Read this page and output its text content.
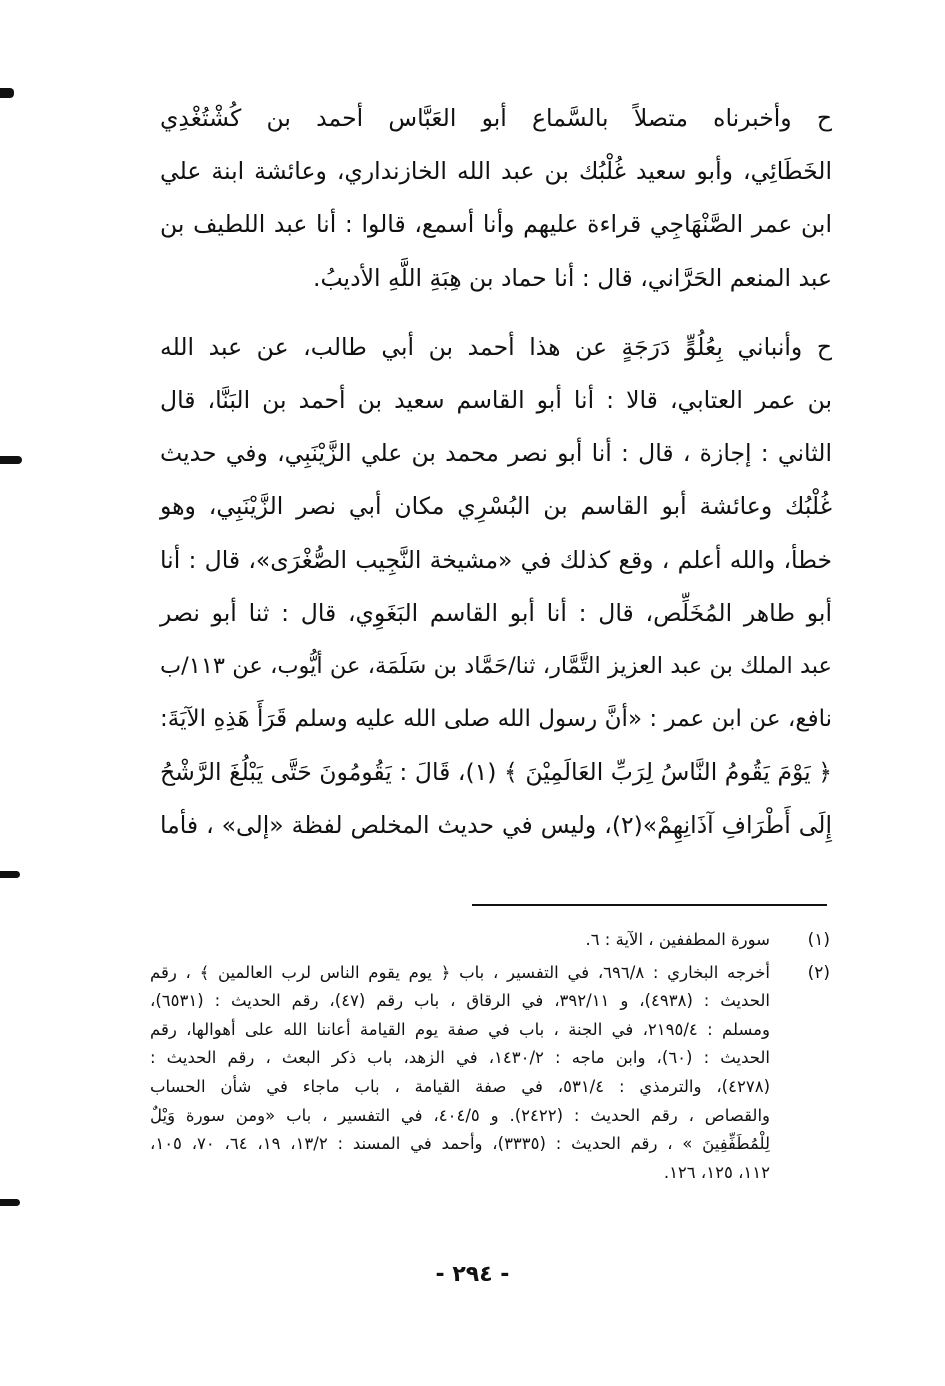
ح وأخبرناه متصلاً بالسَّماع أبو العَبَّاس أحمد بن كُشْتُغْدِي
الخَطَائِي، وأبو سعيد غُلْبُك بن عبد الله الخازنداري، وعائشة ابنة علي
ابن عمر الصَّنْهَاجِي قراءة عليهم وأنا أسمع، قالوا : أنا عبد اللطيف بن
عبد المنعم الحَرَّاني، قال : أنا حماد بن هِبَةِ اللَّهِ الأديبُ.
ح وأنباني بِعُلُوٍّ دَرَجَةٍ عن هذا أحمد بن أبي طالب، عن عبد الله
بن عمر العتابي، قالا : أنا أبو القاسم سعيد بن أحمد بن البَنَّا، قال
الثاني : إجازة ، قال : أنا أبو نصر محمد بن علي الزَّيْنَبِي، وفي حديث
غُلْبُك وعائشة أبو القاسم بن البُسْرِي مكان أبي نصر الزَّيْنَبِي، وهو
خطأ، والله أعلم ، وقع كذلك في «مشيخة النَّجِيب الصُّغْرَى»، قال : أنا
أبو طاهر المُخَلِّص، قال : أنا أبو القاسم البَغَوِي، قال : ثنا أبو نصر
عبد الملك بن عبد العزيز التَّمَّار، ثنا/حَمَّاد بن سَلَمَة، عن أيُّوب، عن ١١٣/ب
نافع، عن ابن عمر : «أنَّ رسول الله صلى الله عليه وسلم قَرَأَ هَذِهِ الآيَةَ:
﴿ يَوْمَ يَقُومُ النَّاسُ لِرَبِّ العَالَمِيْنَ ﴾ (١)، قَالَ : يَقُومُونَ حَتَّى يَبْلُغَ الرَّشْحُ
إِلَى أَطْرَافِ آذَانِهِمْ»(٢)، وليس في حديث المخلص لفظة «إلى» ، فأما
(١)
سورة المطففين ، الآية : ٦.
(٢)
أخرجه البخاري : ٦٩٦/٨، في التفسير ، باب ﴿ يوم يقوم الناس لرب العالمين ﴾ ، رقم
الحديث : (٤٩٣٨)، و ٣٩٢/١١، في الرقاق ، باب رقم (٤٧)، رقم الحديث : (٦٥٣١)،
ومسلم : ٢١٩٥/٤، في الجنة ، باب في صفة يوم القيامة أعاننا الله على أهوالها، رقم
الحديث : (٦٠)، وابن ماجه : ١٤٣٠/٢، في الزهد، باب ذكر البعث ، رقم الحديث :
(٤٢٧٨)، والترمذي : ٥٣١/٤، في صفة القيامة ، باب ماجاء في شأن الحساب
والقصاص ، رقم الحديث : (٢٤٢٢). و ٤٠٤/٥، في التفسير ، باب «ومن سورة وَيْلٌ
لِلْمُطَفِّفِينَ » ، رقم الحديث : (٣٣٣٥)، وأحمد في المسند : ١٣/٢، ١٩، ٦٤، ٧٠، ١٠٥،
١١٢، ١٢٥، ١٢٦.
- ٢٩٤ -
